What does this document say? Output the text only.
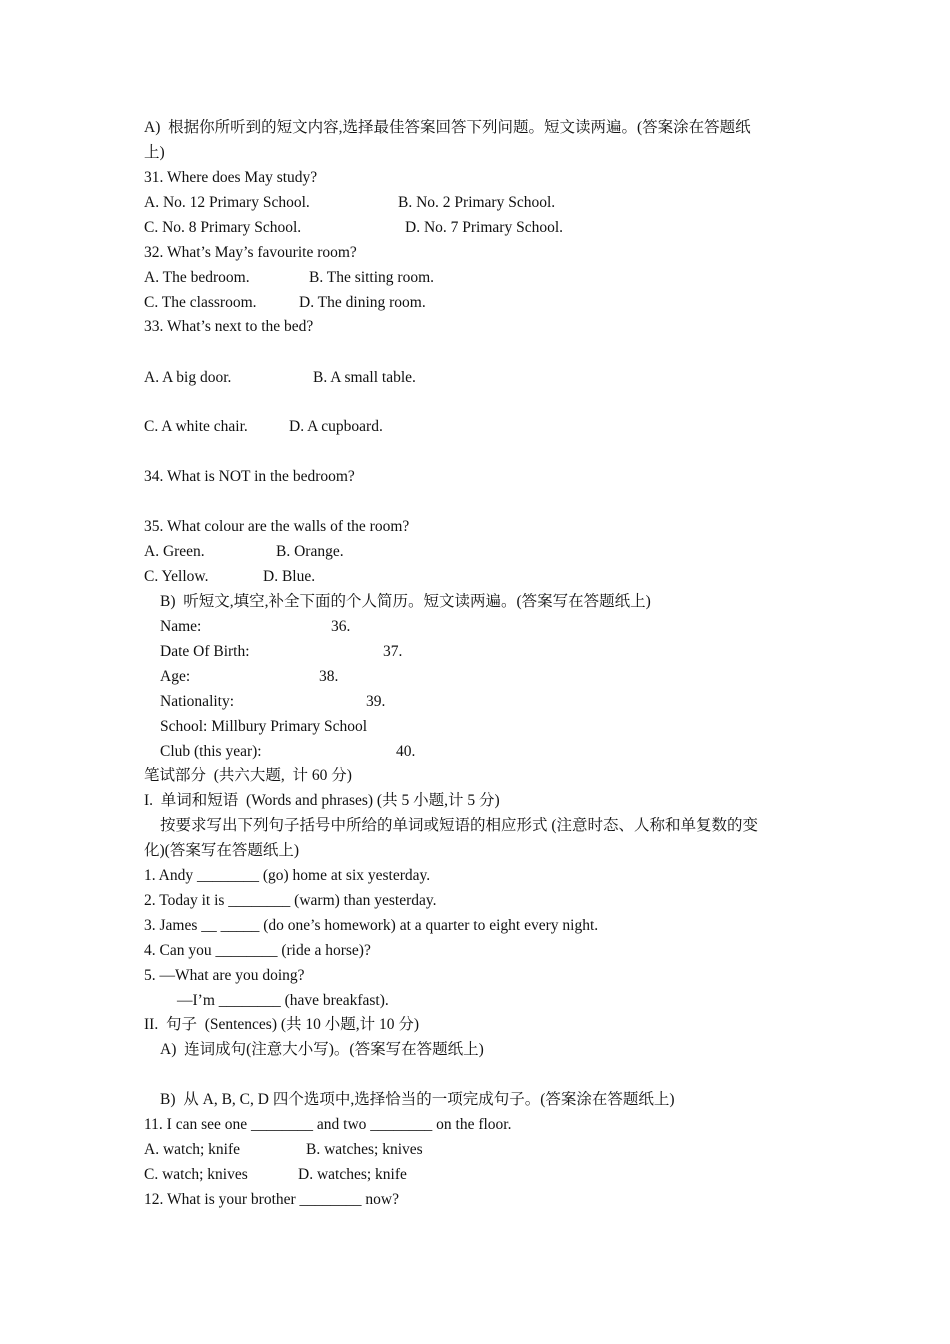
A)  根据你所听到的短文内容,选择最佳答案回答下列问题。短文读两遍。(答案涂在答题纸
上)
31. Where does May study?
A. No. 12 Primary School.	B. No. 2 Primary School.
C. No. 8 Primary School.	D. No. 7 Primary School.
32. What’s May’s favourite room?
A. The bedroom.	B. The sitting room.
C. The classroom.	D. The dining room.
33. What’s next to the bed?
A. A big door.	B. A small table.
C. A white chair.	D. A cupboard.
34. What is NOT in the bedroom?
35. What colour are the walls of the room?
A. Green.	B. Orange.
C. Yellow.	D. Blue.
B)  听短文,填空,补全下面的个人简历。短文读两遍。(答案写在答题纸上)
Name:	36.
Date Of Birth:	37.
Age:	38.
Nationality:	39.
School: Millbury Primary School
Club (this year):	40.
笔试部分  (共六大题,  计 60 分)
I.  单词和短语  (Words and phrases) (共 5 小题,计 5 分)
按要求写出下列句子括号中所给的单词或短语的相应形式 (注意时态、人称和单复数的变
化)(答案写在答题纸上)
1. Andy ________ (go) home at six yesterday.
2. Today it is ________ (warm) than yesterday.
3. James __ _____ (do one’s homework) at a quarter to eight every night.
4. Can you ________ (ride a horse)?
5. —What are you doing?
—I’m ________ (have breakfast).
II.  句子  (Sentences) (共 10 小题,计 10 分)
A)  连词成句(注意大小写)。(答案写在答题纸上)
B)  从 A, B, C, D 四个选项中,选择恰当的一项完成句子。(答案涂在答题纸上)
11. I can see one ________ and two ________ on the floor.
A. watch; knife	B. watches; knives
C. watch; knives	D. watches; knife
12. What is your brother ________ now?
